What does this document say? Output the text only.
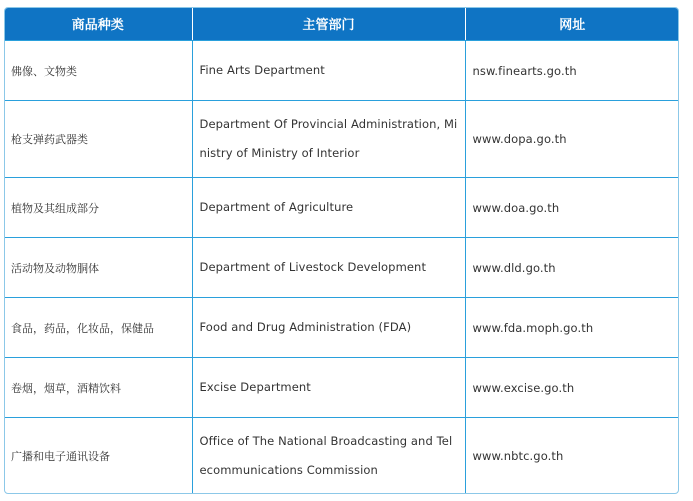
商品种类	主管部门	网址
佛像、文物类	Fine Arts Department	nsw.finearts.go.th
枪支弹药武器类	Department Of Provincial Administration, Ministry of Ministry of Interior	www.dopa.go.th
植物及其组成部分	Department of Agriculture	www.doa.go.th
活动物及动物胴体	Department of Livestock Development	www.dld.go.th
食品，药品，化妆品，保健品	Food and Drug Administration (FDA)	www.fda.moph.go.th
卷烟，烟草，酒精饮料	Excise Department	www.excise.go.th
广播和电子通讯设备	Office of The National Broadcasting and Telecommunications Commission	www.nbtc.go.th
